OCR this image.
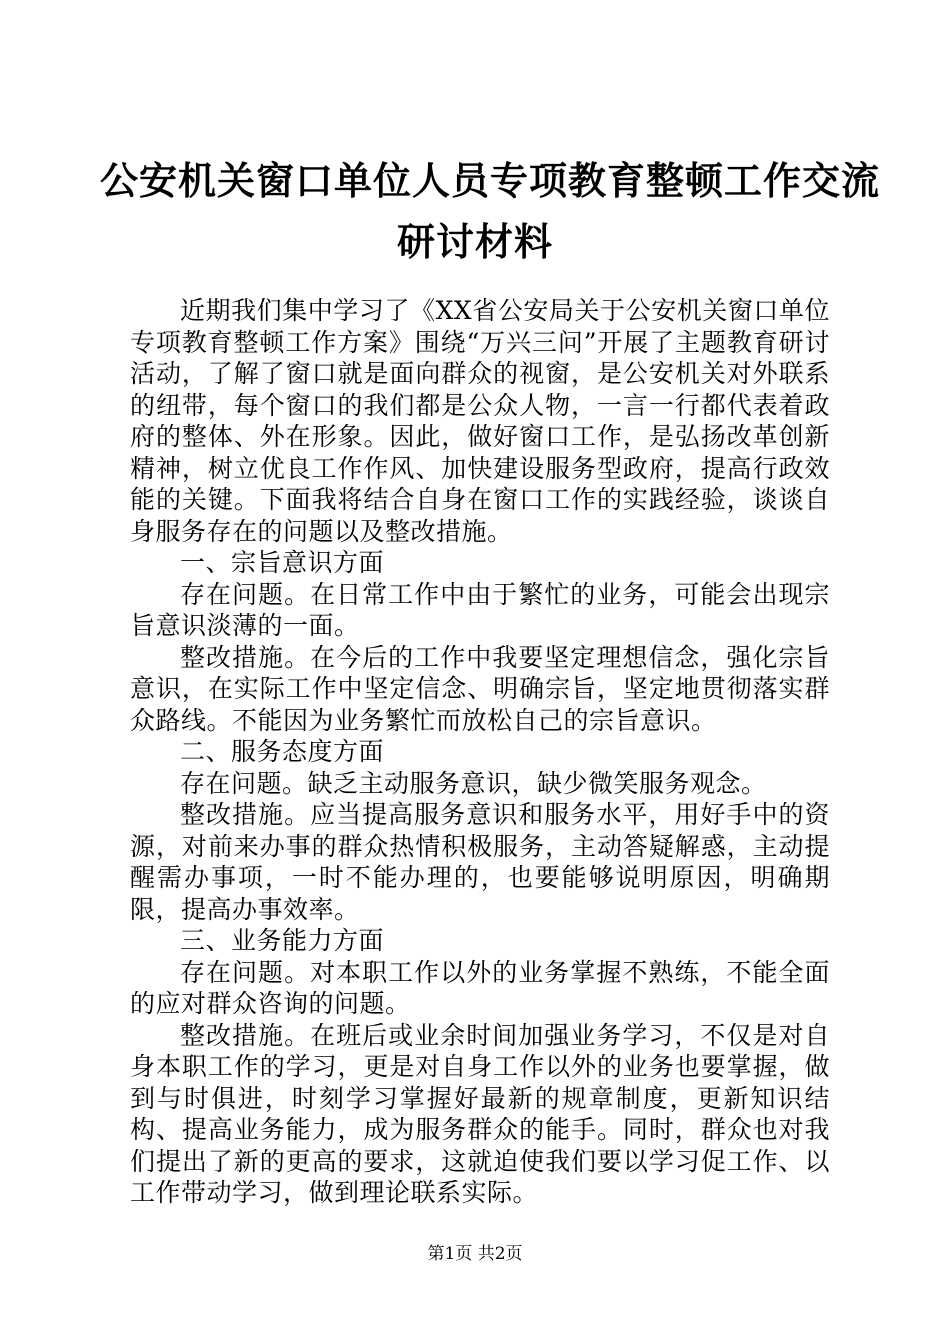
公安机关窗口单位人员专项教育整顿工作交流
研讨材料

近期我们集中学习了《XX省公安局关于公安机关窗口单位专项教育整顿工作方案》围绕“万兴三问”开展了主题教育研讨活动，了解了窗口就是面向群众的视窗，是公安机关对外联系的纽带，每个窗口的我们都是公众人物，一言一行都代表着政府的整体、外在形象。因此，做好窗口工作，是弘扬改革创新精神，树立优良工作作风、加快建设服务型政府，提高行政效能的关键。下面我将结合自身在窗口工作的实践经验，谈谈自身服务存在的问题以及整改措施。

一、宗旨意识方面

存在问题。在日常工作中由于繁忙的业务，可能会出现宗旨意识淡薄的一面。

整改措施。在今后的工作中我要坚定理想信念，强化宗旨意识，在实际工作中坚定信念、明确宗旨，坚定地贯彻落实群众路线。不能因为业务繁忙而放松自己的宗旨意识。

二、服务态度方面

存在问题。缺乏主动服务意识，缺少微笑服务观念。

整改措施。应当提高服务意识和服务水平，用好手中的资源，对前来办事的群众热情积极服务，主动答疑解惑，主动提醒需办事项，一时不能办理的，也要能够说明原因，明确期限，提高办事效率。

三、业务能力方面

存在问题。对本职工作以外的业务掌握不熟练，不能全面的应对群众咨询的问题。

整改措施。在班后或业余时间加强业务学习，不仅是对自身本职工作的学习，更是对自身工作以外的业务也要掌握，做到与时俱进，时刻学习掌握好最新的规章制度，更新知识结构、提高业务能力，成为服务群众的能手。同时，群众也对我们提出了新的更高的要求，这就迫使我们要以学习促工作、以工作带动学习，做到理论联系实际。

第1页 共2页
